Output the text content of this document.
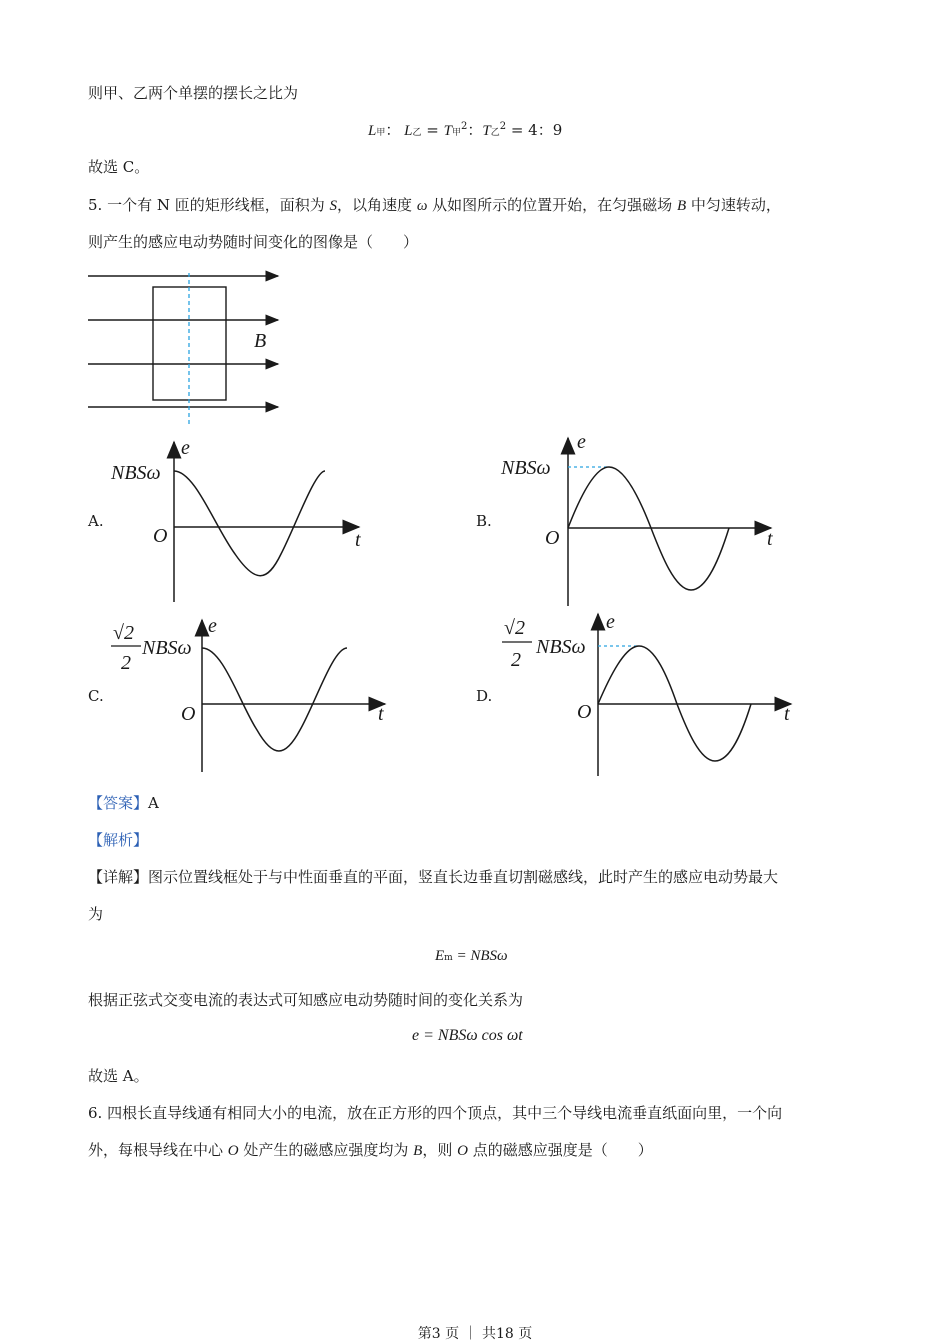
则甲、乙两个单摆的摆长之比为
L甲： L乙 = T甲$^2$：T乙$^2$ = 4：9
故选 C。
5. 一个有 N 匝的矩形线框，面积为 S，以角速度 ω 从如图所示的位置开始，在匀强磁场 B 中匀速转动，
则产生的感应电动势随时间变化的图像是（　　）
B
A.
NBSω
e
O	t
B.
NBSω
e
O	t
C.
√2
2
NBSω
e
O	t
D.
√2
2
NBSω
e
O	t
【答案】A
【解析】
【详解】图示位置线框处于与中性面垂直的平面，竖直长边垂直切割磁感线，此时产生的感应电动势最大
为
Em = NBSω
根据正弦式交变电流的表达式可知感应电动势随时间的变化关系为
e = NBSω cos ωt
故选 A。
6. 四根长直导线通有相同大小的电流，放在正方形的四个顶点，其中三个导线电流垂直纸面向里，一个向
外，每根导线在中心 O 处产生的磁感应强度均为 B，则 O 点的磁感应强度是（　　）
第3 页 ｜ 共18 页
